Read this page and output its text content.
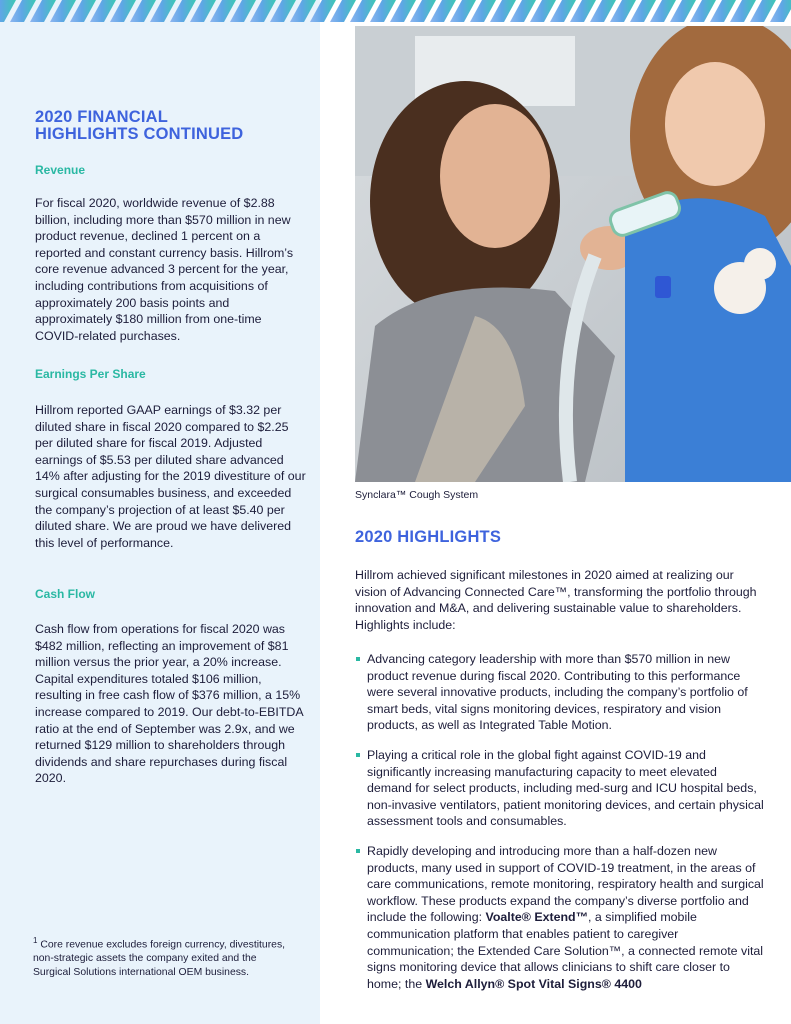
2020 FINANCIAL
HIGHLIGHTS CONTINUED
Revenue

For fiscal 2020, worldwide revenue of $2.88 billion, including more than $570 million in new product revenue, declined 1 percent on a reported and constant currency basis. Hillrom’s core revenue advanced 3 percent for the year, including contributions from acquisitions of approximately 200 basis points and approximately $180 million from one-time COVID-related purchases.

Earnings Per Share

Hillrom reported GAAP earnings of $3.32 per diluted share in fiscal 2020 compared to $2.25 per diluted share for fiscal 2019. Adjusted earnings of $5.53 per diluted share advanced 14% after adjusting for the 2019 divestiture of our surgical consumables business, and exceeded the company’s projection of at least $5.40 per diluted share. We are proud we have delivered this level of performance.

Cash Flow

Cash flow from operations for fiscal 2020 was $482 million, reflecting an improvement of $81 million versus the prior year, a 20% increase. Capital expenditures totaled $106 million, resulting in free cash flow of $376 million, a 15% increase compared to 2019. Our debt-to-EBITDA ratio at the end of September was 2.9x, and we returned $129 million to shareholders through dividends and share repurchases during fiscal 2020.

$^1$ Core revenue excludes foreign currency, divestitures, non-strategic assets the company exited and the Surgical Solutions international OEM business.

Synclara™ Cough System

2020 HIGHLIGHTS

Hillrom achieved significant milestones in 2020 aimed at realizing our vision of Advancing Connected Care™, transforming the portfolio through innovation and M&A, and delivering sustainable value to shareholders. Highlights include:

Advancing category leadership with more than $570 million in new product revenue during fiscal 2020. Contributing to this performance were several innovative products, including the company’s portfolio of smart beds, vital signs monitoring devices, respiratory and vision products, as well as Integrated Table Motion.
Playing a critical role in the global fight against COVID-19 and significantly increasing manufacturing capacity to meet elevated demand for select products, including med-surg and ICU hospital beds, non-invasive ventilators, patient monitoring devices, and certain physical assessment tools and consumables.
Rapidly developing and introducing more than a half-dozen new products, many used in support of COVID-19 treatment, in the areas of care communications, remote monitoring, respiratory health and surgical workflow. These products expand the company’s diverse portfolio and include the following: Voalte® Extend™, a simplified mobile communication platform that enables patient to caregiver communication; the Extended Care Solution™, a connected remote vital signs monitoring device that allows clinicians to shift care closer to home; the Welch Allyn® Spot Vital Signs® 4400
